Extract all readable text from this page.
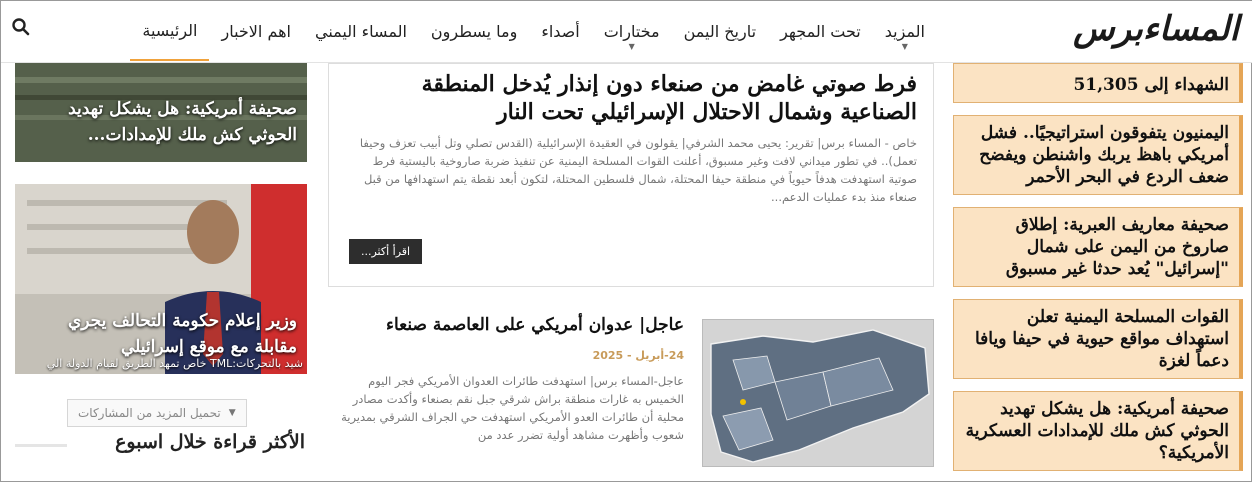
المساءبرس
الرئيسية اهم الاخبار المساء اليمني وما يسطرون أصداء مختارات
▼
تاريخ اليمن تحت المجهر المزيد
▼
الشهداء إلى 51,305
اليمنيون يتفوقون استراتيجيًا.. فشل أمريكي باهظ يربك واشنطن ويفضح ضعف الردع في البحر الأحمر
صحيفة معاريف العبرية: إطلاق صاروخ من اليمن على شمال "إسرائيل" يُعد حدثا غير مسبوق
القوات المسلحة اليمنية تعلن استهداف مواقع حيوية في حيفا ويافا دعماً لغزة
صحيفة أمريكية: هل يشكل تهديد الحوثي كش ملك للإمدادات العسكرية الأمريكية؟
فرط صوتي غامض من صنعاء دون إنذار يُدخل المنطقة الصناعية وشمال الاحتلال الإسرائيلي تحت النار

خاص - المساء برس| تقرير: يحيى محمد الشرفي| يقولون في العقيدة الإسرائيلية (القدس تصلي وتل أبيب تعزف وحيفا تعمل).. في تطور ميداني لافت وغير مسبوق، أعلنت القوات المسلحة اليمنية عن تنفيذ ضربة صاروخية باليستية فرط صوتية استهدفت هدفاً حيوياً في منطقة حيفا المحتلة، شمال فلسطين المحتلة، لتكون أبعد نقطة يتم استهدافها من قبل صنعاء منذ بدء عمليات الدعم...

اقرأ أكثر...
عاجل| عدوان أمريكي على العاصمة صنعاء
24-أبريل - 2025

عاجل-المساء برس| استهدفت طائرات العدوان الأمريكي فجر اليوم الخميس به غارات منطقة براش شرقي جبل نقم بصنعاء وأكدت مصادر محلية أن طائرات العدو الأمريكي استهدفت حي الجراف الشرقي بمديرية شعوب وأظهرت مشاهد أولية تضرر عدد من

صحيفة أمريكية: هل يشكل تهديد الحوثي كش ملك للإمدادات...
وزير إعلام حكومة التحالف يجري مقابلة مع موقع إسرائيلي
شيد بالتحركات:TML خاص تمهد الطريق لقيام الدولة الي
▼
تحميل المزيد من المشاركات
الأكثر قراءة خلال اسبوع
